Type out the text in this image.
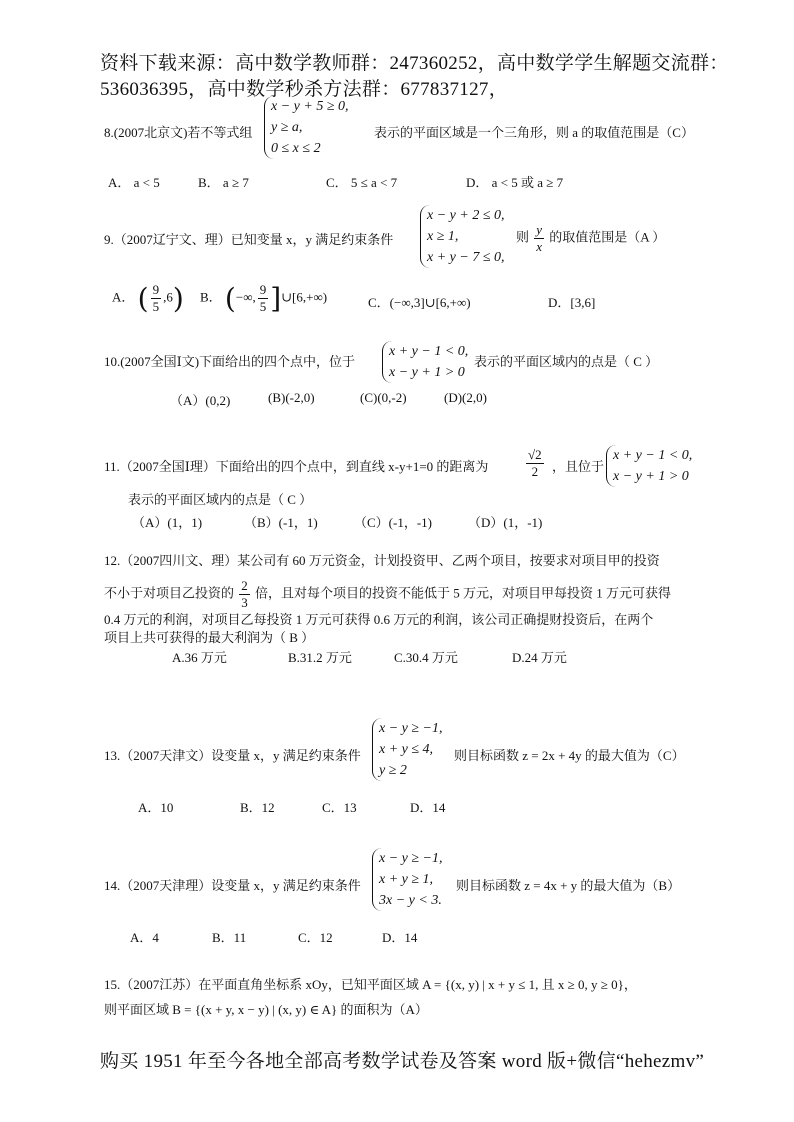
资料下载来源：高中数学教师群：247360252，高中数学学生解题交流群：
536036395，高中数学秒杀方法群：677837127，
8.(2007北京文)若不等式组
x − y + 5 ≥ 0,
y ≥ a,
0 ≤ x ≤ 2
表示的平面区域是一个三角形，则 a 的取值范围是（C）
A． a < 5	B． a ≥ 7	C． 5 ≤ a < 7	D． a < 5 或 a ≥ 7
9.（2007辽宁文、理）已知变量 x，y 满足约束条件
x − y + 2 ≤ 0,
x ≥ 1,
x + y − 7 ≤ 0,
则 $\frac{y}{x}$ 的取值范围是（A ）
A． ( $\frac{9}{5} ,6$) B． (−∞, $\frac{9}{5}$ ]∪[6,+∞)	C．(−∞,3]∪[6,+∞)	D．[3,6]
10.(2007全国Ⅰ文)下面给出的四个点中，位于
x + y − 1 < 0,
x − y + 1 > 0
表示的平面区域内的点是（ C ）
（A）(0,2)	(B)(-2,0)	(C)(0,-2)	(D)(2,0)
11.（2007全国Ⅰ理）下面给出的四个点中，到直线 x-y+1=0 的距离为	$\frac{√2}{2}$ ，且位于
x + y − 1 < 0,
x − y + 1 > 0
表示的平面区域内的点是（ C ）
（A）(1，1)	（B）(-1，1)	（C）(-1，-1)	（D）(1，-1)
12.（2007四川文、理）某公司有 60 万元资金，计划投资甲、乙两个项目，按要求对项目甲的投资
不小于对项目乙投资的 $\frac{2}{3}$ 倍，且对每个项目的投资不能低于 5 万元，对项目甲每投资 1 万元可获得
0.4 万元的利润，对项目乙每投资 1 万元可获得 0.6 万元的利润，该公司正确提财投资后，在两个
项目上共可获得的最大利润为（ B ）
A.36 万元	B.31.2 万元	C.30.4 万元	D.24 万元
13.（2007天津文）设变量 x，y 满足约束条件
x − y ≥ −1,
x + y ≤ 4,
y ≥ 2
则目标函数 z = 2x + 4y 的最大值为（C）
A．10	B．12	C．13	D．14
14.（2007天津理）设变量 x，y 满足约束条件
x − y ≥ −1,
x + y ≥ 1,
3x − y < 3.
则目标函数 z = 4x + y 的最大值为（B）
A．4	B．11	C．12	D．14
15.（2007江苏）在平面直角坐标系 xOy，已知平面区域 A = {(x, y) | x + y ≤ 1, 且 x ≥ 0, y ≥ 0}，
则平面区域 B = {(x + y, x − y) | (x, y) ∈ A} 的面积为（A）
购买 1951 年至今各地全部高考数学试卷及答案 word 版+微信“hehezmv”
